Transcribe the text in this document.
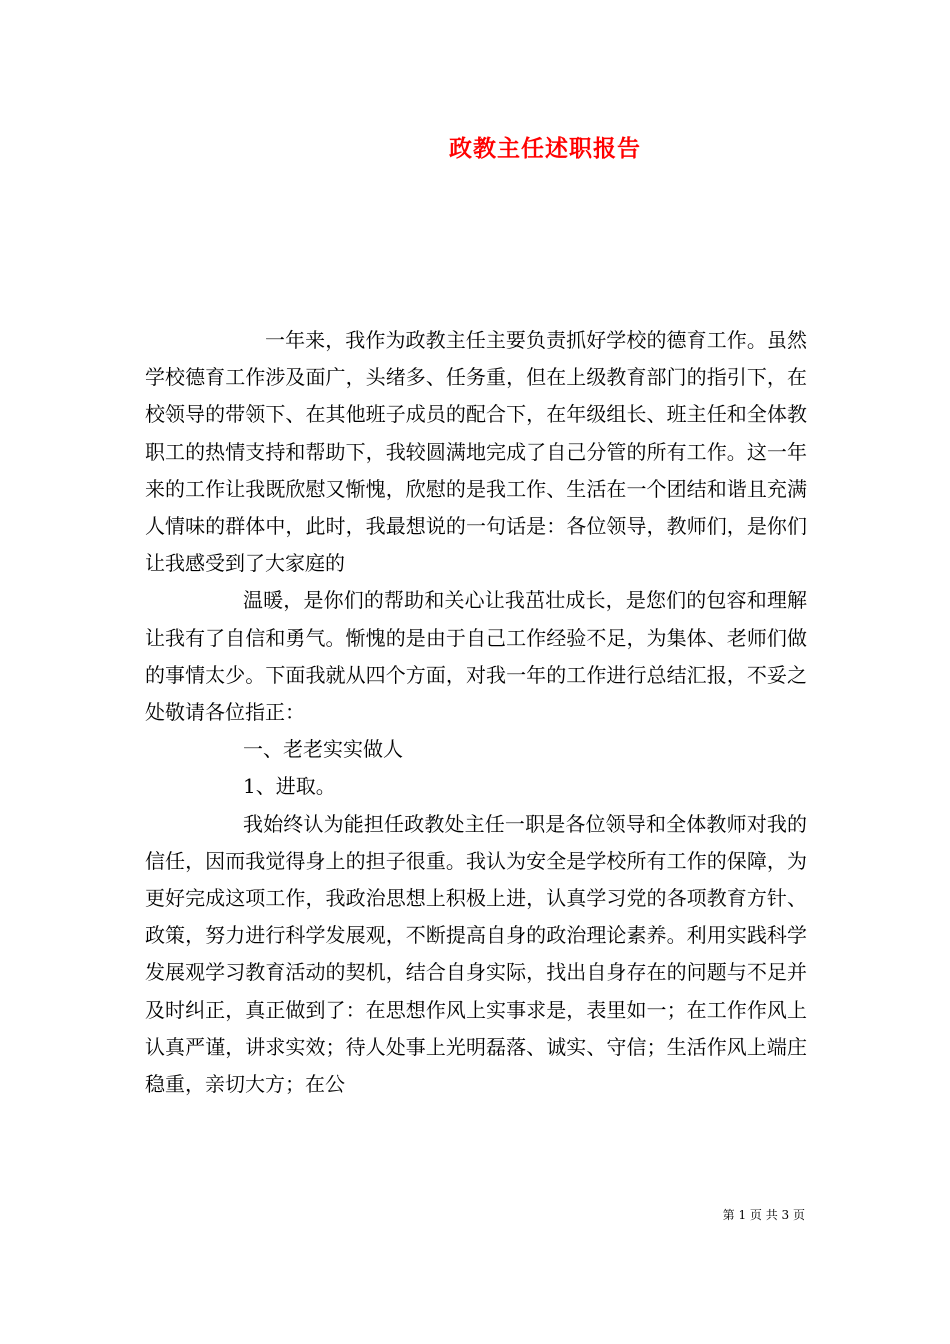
政教主任述职报告

一年来，我作为政教主任主要负责抓好学校的德育工作。虽然学校德育工作涉及面广，头绪多、任务重，但在上级教育部门的指引下，在校领导的带领下、在其他班子成员的配合下，在年级组长、班主任和全体教职工的热情支持和帮助下，我较圆满地完成了自己分管的所有工作。这一年来的工作让我既欣慰又惭愧，欣慰的是我工作、生活在一个团结和谐且充满人情味的群体中，此时，我最想说的一句话是：各位领导，教师们，是你们让我感受到了大家庭的

温暖，是你们的帮助和关心让我茁壮成长，是您们的包容和理解让我有了自信和勇气。惭愧的是由于自己工作经验不足，为集体、老师们做的事情太少。下面我就从四个方面，对我一年的工作进行总结汇报，不妥之处敬请各位指正：

一、老老实实做人

1、进取。

我始终认为能担任政教处主任一职是各位领导和全体教师对我的信任，因而我觉得身上的担子很重。我认为安全是学校所有工作的保障，为更好完成这项工作，我政治思想上积极上进，认真学习党的各项教育方针、政策，努力进行科学发展观，不断提高自身的政治理论素养。利用实践科学发展观学习教育活动的契机，结合自身实际，找出自身存在的问题与不足并及时纠正，真正做到了：在思想作风上实事求是，表里如一；在工作作风上认真严谨，讲求实效；待人处事上光明磊落、诚实、守信；生活作风上端庄稳重，亲切大方；在公

第 1 页 共 3 页
